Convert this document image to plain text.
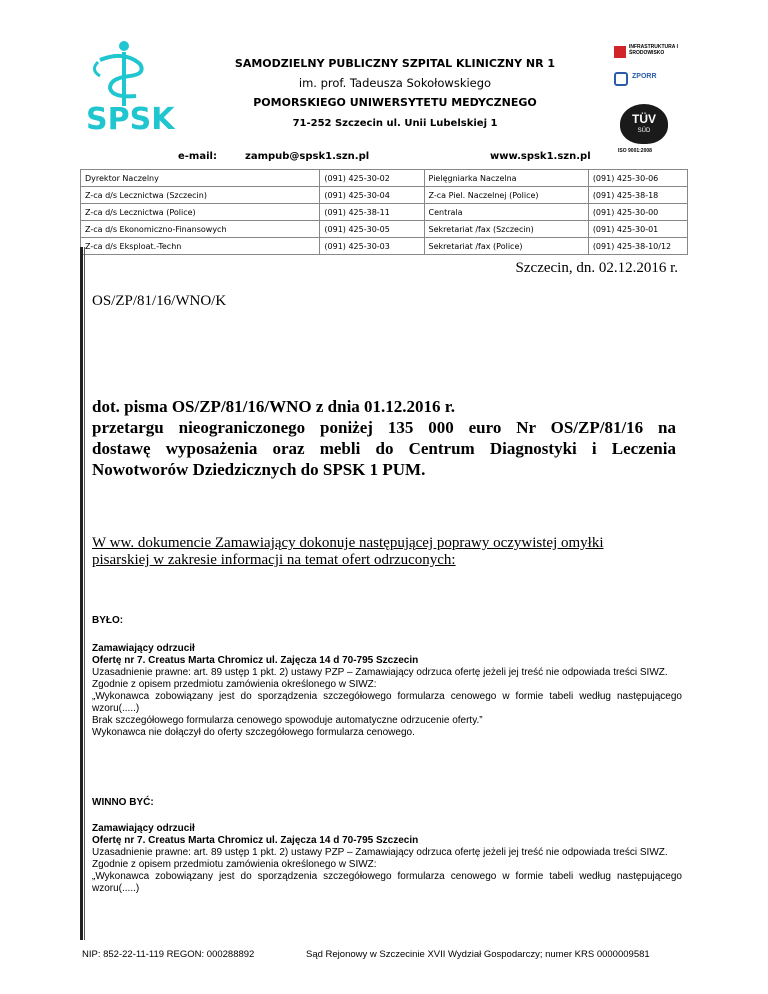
SPSK
SAMODZIELNY PUBLICZNY SZPITAL KLINICZNY NR 1
im. prof. Tadeusza Sokołowskiego
POMORSKIEGO UNIWERSYTETU MEDYCZNEGO
71-252 Szczecin ul. Unii Lubelskiej 1
INFRASTRUKTURA I ŚRODOWISKO
ZPORR
TÜV
SÜD
ISO 9001:2008
e-mail:	zampub@spsk1.szn.pl	www.spsk1.szn.pl
Dyrektor Naczelny	(091) 425-30-02	Pielęgniarka Naczelna	(091) 425-30-06
Z-ca d/s Lecznictwa (Szczecin)	(091) 425-30-04	Z-ca Piel. Naczelnej (Police)	(091) 425-38-18
Z-ca d/s Lecznictwa (Police)	(091) 425-38-11	Centrala	(091) 425-30-00
Z-ca d/s Ekonomiczno-Finansowych	(091) 425-30-05	Sekretariat /fax (Szczecin)	(091) 425-30-01
Z-ca d/s Eksploat.-Techn	(091) 425-30-03	Sekretariat /fax (Police)	(091) 425-38-10/12
Szczecin, dn. 02.12.2016 r.
OS/ZP/81/16/WNO/K
dot. pisma OS/ZP/81/16/WNO z dnia 01.12.2016 r.
przetargu nieograniczonego poniżej 135 000 euro Nr OS/ZP/81/16 na
dostawę wyposażenia oraz mebli do Centrum Diagnostyki i Leczenia
Nowotworów Dziedzicznych do SPSK 1 PUM.
W ww. dokumencie Zamawiający dokonuje następującej poprawy oczywistej omyłki pisarskiej w zakresie informacji na temat ofert odrzuconych:
BYŁO:
Zamawiający odrzucił
Ofertę nr 7. Creatus Marta Chromicz ul. Zajęcza 14 d 70-795 Szczecin
Uzasadnienie prawne: art. 89 ustęp 1 pkt. 2) ustawy PZP – Zamawiający odrzuca ofertę jeżeli jej treść nie odpowiada treści SIWZ.
Zgodnie z opisem przedmiotu zamówienia określonego w SIWZ:
„Wykonawca zobowiązany jest do sporządzenia szczegółowego formularza cenowego w formie tabeli według następującego wzoru(.....)
Brak szczegółowego formularza cenowego spowoduje automatyczne odrzucenie oferty.”
Wykonawca nie dołączył do oferty szczegółowego formularza cenowego.
WINNO BYĆ:
Zamawiający odrzucił
Ofertę nr 7. Creatus Marta Chromicz ul. Zajęcza 14 d 70-795 Szczecin
Uzasadnienie prawne: art. 89 ustęp 1 pkt. 2) ustawy PZP – Zamawiający odrzuca ofertę jeżeli jej treść nie odpowiada treści SIWZ.
Zgodnie z opisem przedmiotu zamówienia określonego w SIWZ:
„Wykonawca zobowiązany jest do sporządzenia szczegółowego formularza cenowego w formie tabeli według następującego wzoru(.....)
NIP: 852-22-11-119 REGON: 000288892	Sąd Rejonowy w Szczecinie XVII Wydział Gospodarczy; numer KRS 0000009581
